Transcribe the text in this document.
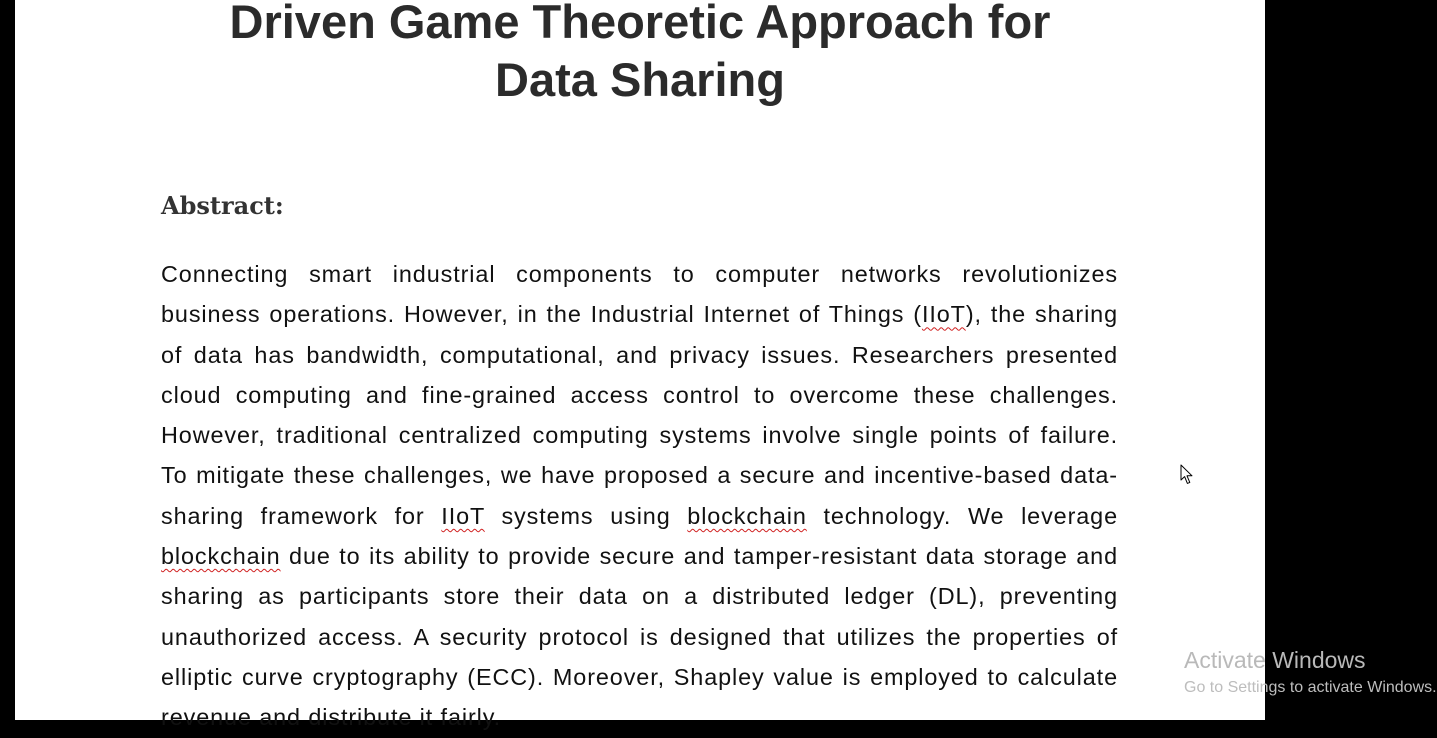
Driven Game Theoretic Approach for
Data Sharing
Abstract:

Connecting smart industrial components to computer networks revolutionizes business operations. However, in the Industrial Internet of Things (IIoT), the sharing of data has bandwidth, computational, and privacy issues. Researchers presented cloud computing and fine-grained access control to overcome these challenges. However, traditional centralized computing systems involve single points of failure. To mitigate these challenges, we have proposed a secure and incentive-based data-sharing framework for IIoT systems using blockchain technology. We leverage blockchain due to its ability to provide secure and tamper-resistant data storage and sharing as participants store their data on a distributed ledger (DL), preventing unauthorized access. A security protocol is designed that utilizes the properties of elliptic curve cryptography (ECC). Moreover, Shapley value is employed to calculate revenue and distribute it fairly.

Activate Windows
Go to Settings to activate Windows.
